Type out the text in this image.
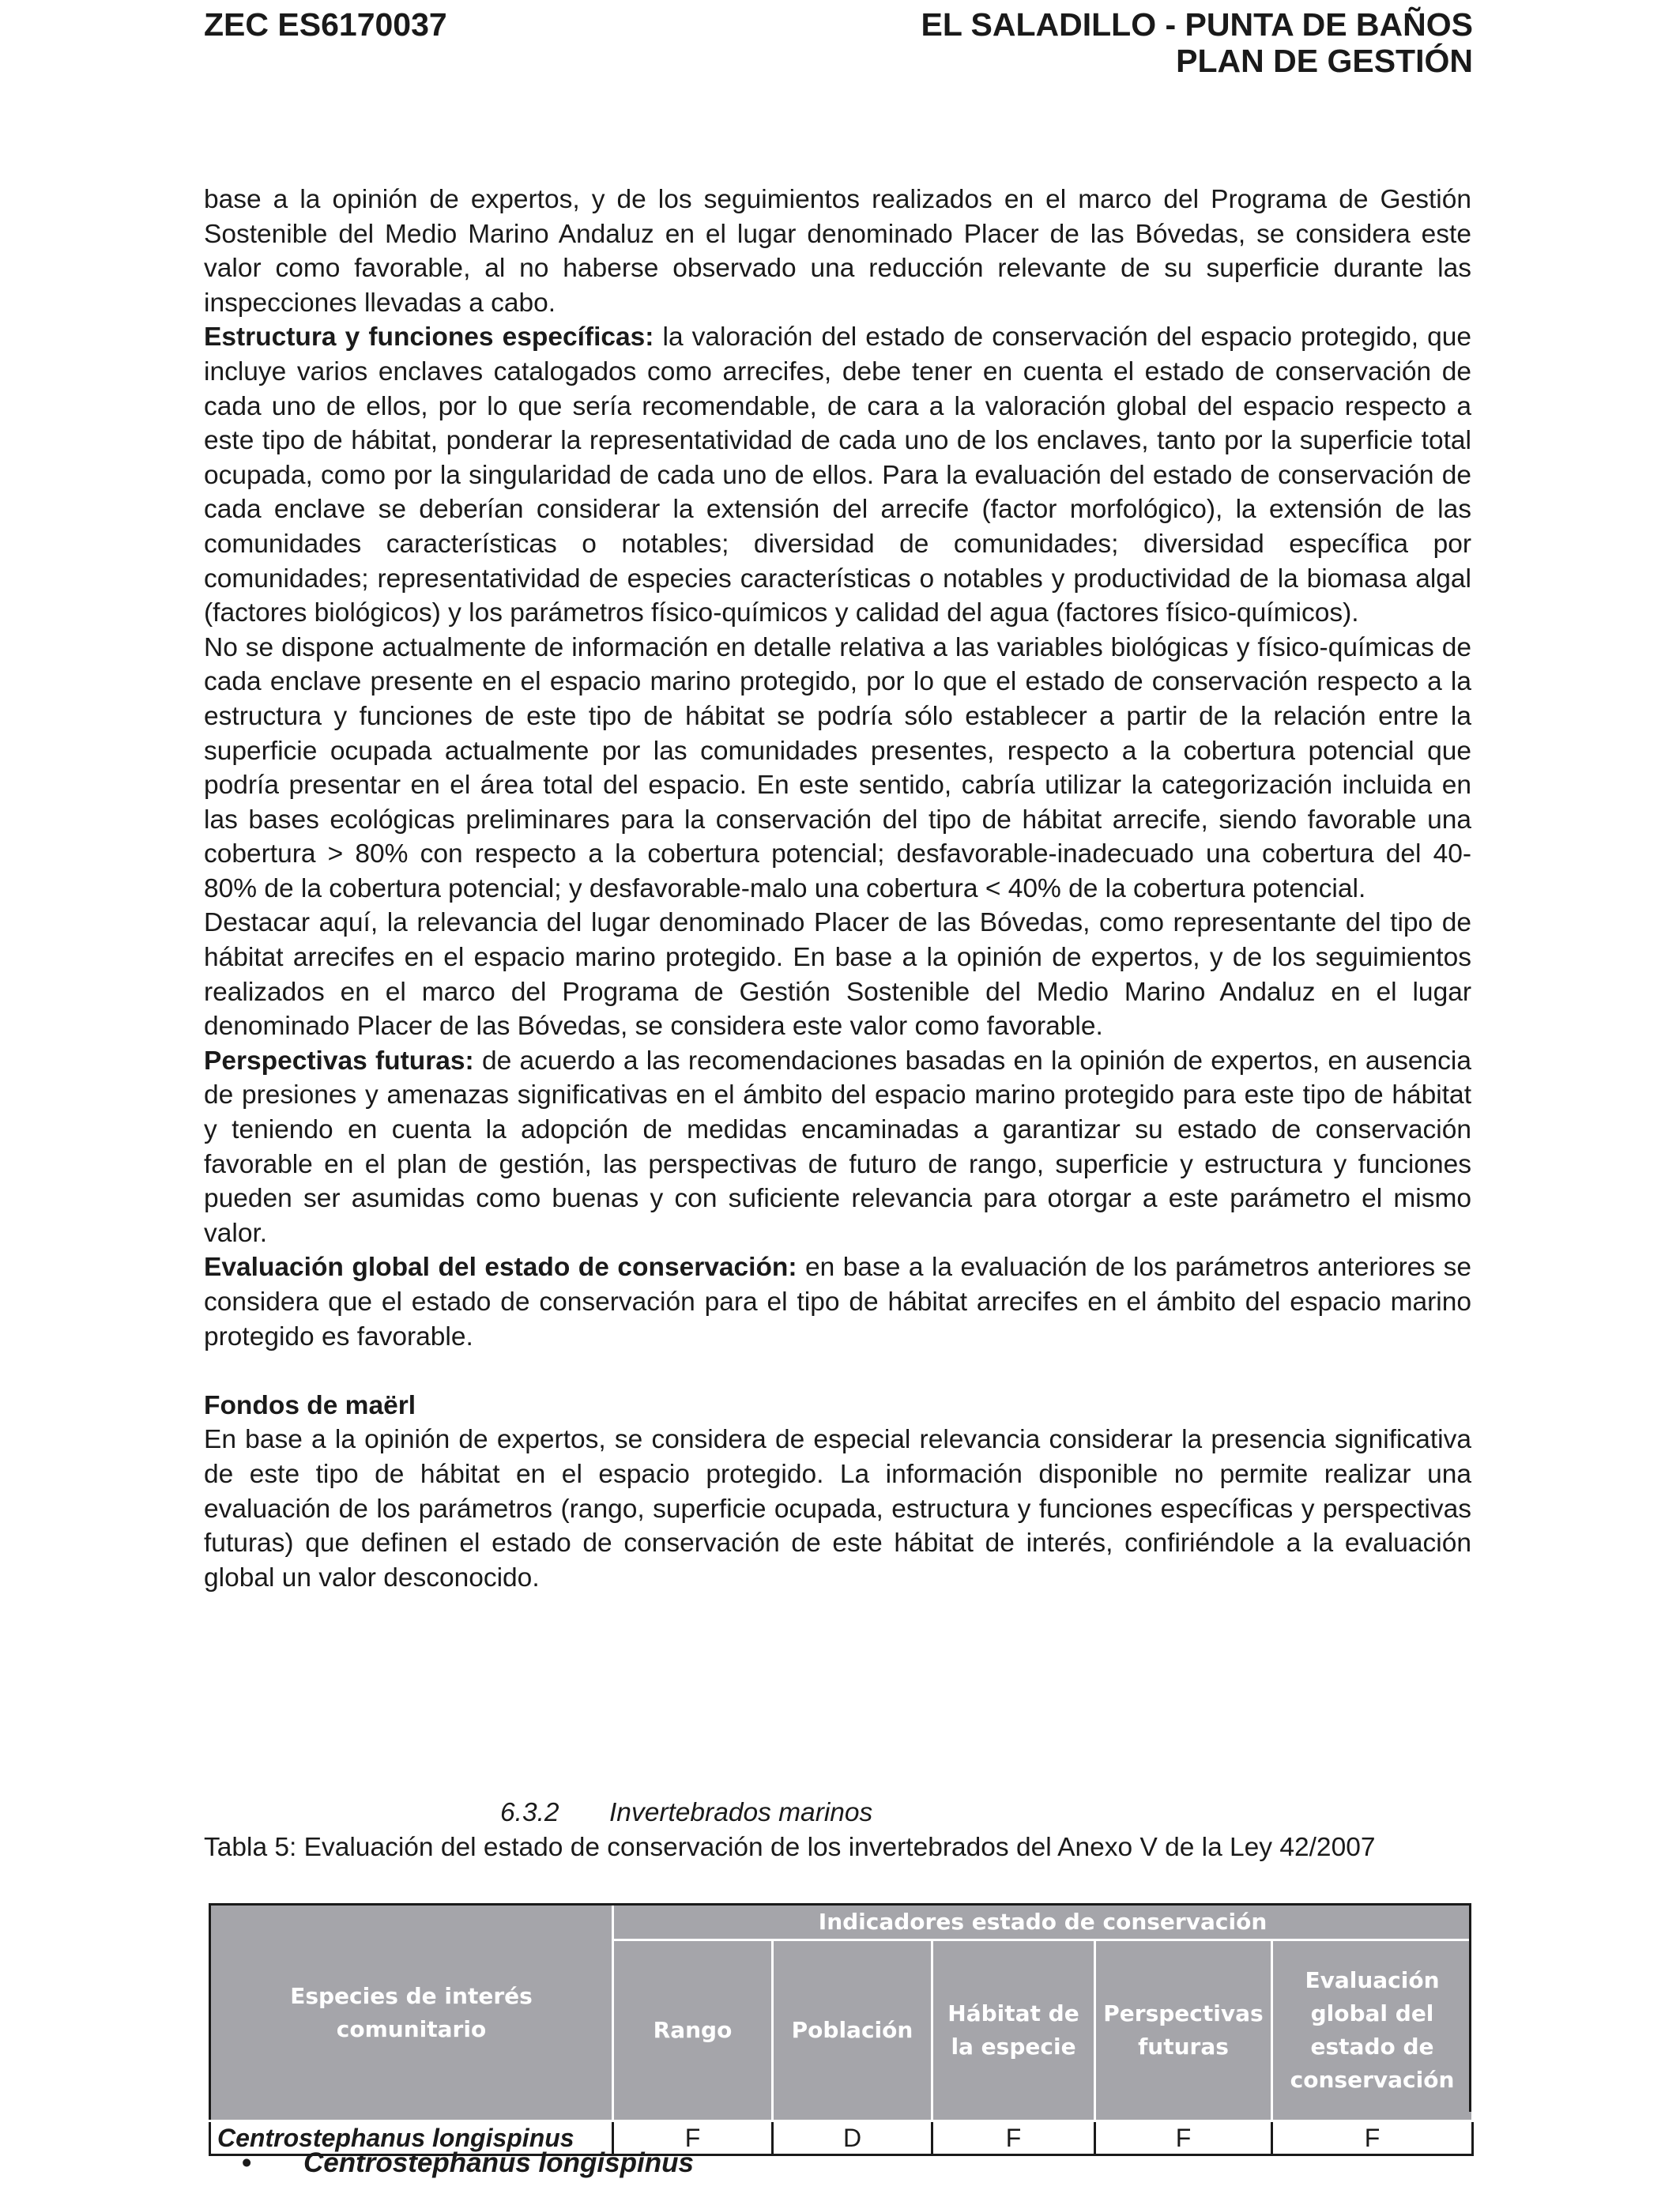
ZEC ES6170037	EL SALADILLO - PUNTA DE BAÑOS
PLAN DE GESTIÓN

base a la opinión de expertos, y de los seguimientos realizados en el marco del Programa de Gestión Sostenible del Medio Marino Andaluz en el lugar denominado Placer de las Bóvedas, se considera este valor como favorable, al no haberse observado una reducción relevante de su superficie durante las inspecciones llevadas a cabo.

Estructura y funciones específicas: la valoración del estado de conservación del espacio protegido, que incluye varios enclaves catalogados como arrecifes, debe tener en cuenta el estado de conservación de cada uno de ellos, por lo que sería recomendable, de cara a la valoración global del espacio respecto a este tipo de hábitat, ponderar la representatividad de cada uno de los enclaves, tanto por la superficie total ocupada, como por la singularidad de cada uno de ellos. Para la evaluación del estado de conservación de cada enclave se deberían considerar la extensión del arrecife (factor morfológico), la extensión de las comunidades características o notables; diversidad de comunidades; diversidad específica por comunidades; representatividad de especies características o notables y productividad de la biomasa algal (factores biológicos) y los parámetros físico-químicos y calidad del agua (factores físico-químicos).

No se dispone actualmente de información en detalle relativa a las variables biológicas y físico-químicas de cada enclave presente en el espacio marino protegido, por lo que el estado de conservación respecto a la estructura y funciones de este tipo de hábitat se podría sólo establecer a partir de la relación entre la superficie ocupada actualmente por las comunidades presentes, respecto a la cobertura potencial que podría presentar en el área total del espacio. En este sentido, cabría utilizar la categorización incluida en las bases ecológicas preliminares para la conservación del tipo de hábitat arrecife, siendo favorable una cobertura > 80% con respecto a la cobertura potencial; desfavorable-inadecuado una cobertura del 40- 80% de la cobertura potencial; y desfavorable-malo una cobertura < 40% de la cobertura potencial.

Destacar aquí, la relevancia del lugar denominado Placer de las Bóvedas, como representante del tipo de hábitat arrecifes en el espacio marino protegido. En base a la opinión de expertos, y de los seguimientos realizados en el marco del Programa de Gestión Sostenible del Medio Marino Andaluz en el lugar denominado Placer de las Bóvedas, se considera este valor como favorable.

Perspectivas futuras: de acuerdo a las recomendaciones basadas en la opinión de expertos, en ausencia de presiones y amenazas significativas en el ámbito del espacio marino protegido para este tipo de hábitat y teniendo en cuenta la adopción de medidas encaminadas a garantizar su estado de conservación favorable en el plan de gestión, las perspectivas de futuro de rango, superficie y estructura y funciones pueden ser asumidas como buenas y con suficiente relevancia para otorgar a este parámetro el mismo valor.

Evaluación global del estado de conservación: en base a la evaluación de los parámetros anteriores se considera que el estado de conservación para el tipo de hábitat arrecifes en el ámbito del espacio marino protegido es favorable.

Fondos de maërl

En base a la opinión de expertos, se considera de especial relevancia considerar la presencia significativa de este tipo de hábitat en el espacio protegido. La información disponible no permite realizar una evaluación de los parámetros (rango, superficie ocupada, estructura y funciones específicas y perspectivas futuras) que definen el estado de conservación de este hábitat de interés, confiriéndole a la evaluación global un valor desconocido.

6.3.2 Invertebrados marinos
Tabla 5: Evaluación del estado de conservación de los invertebrados del Anexo V de la Ley 42/2007
Especies de interés comunitario	Indicadores estado de conservación				
	Rango	Población	Hábitat de la especie	Perspectivas futuras	Evaluación global del estado de conservación
Centrostephanus longispinus	F	D	F	F	F
• Centrostephanus longispinus
